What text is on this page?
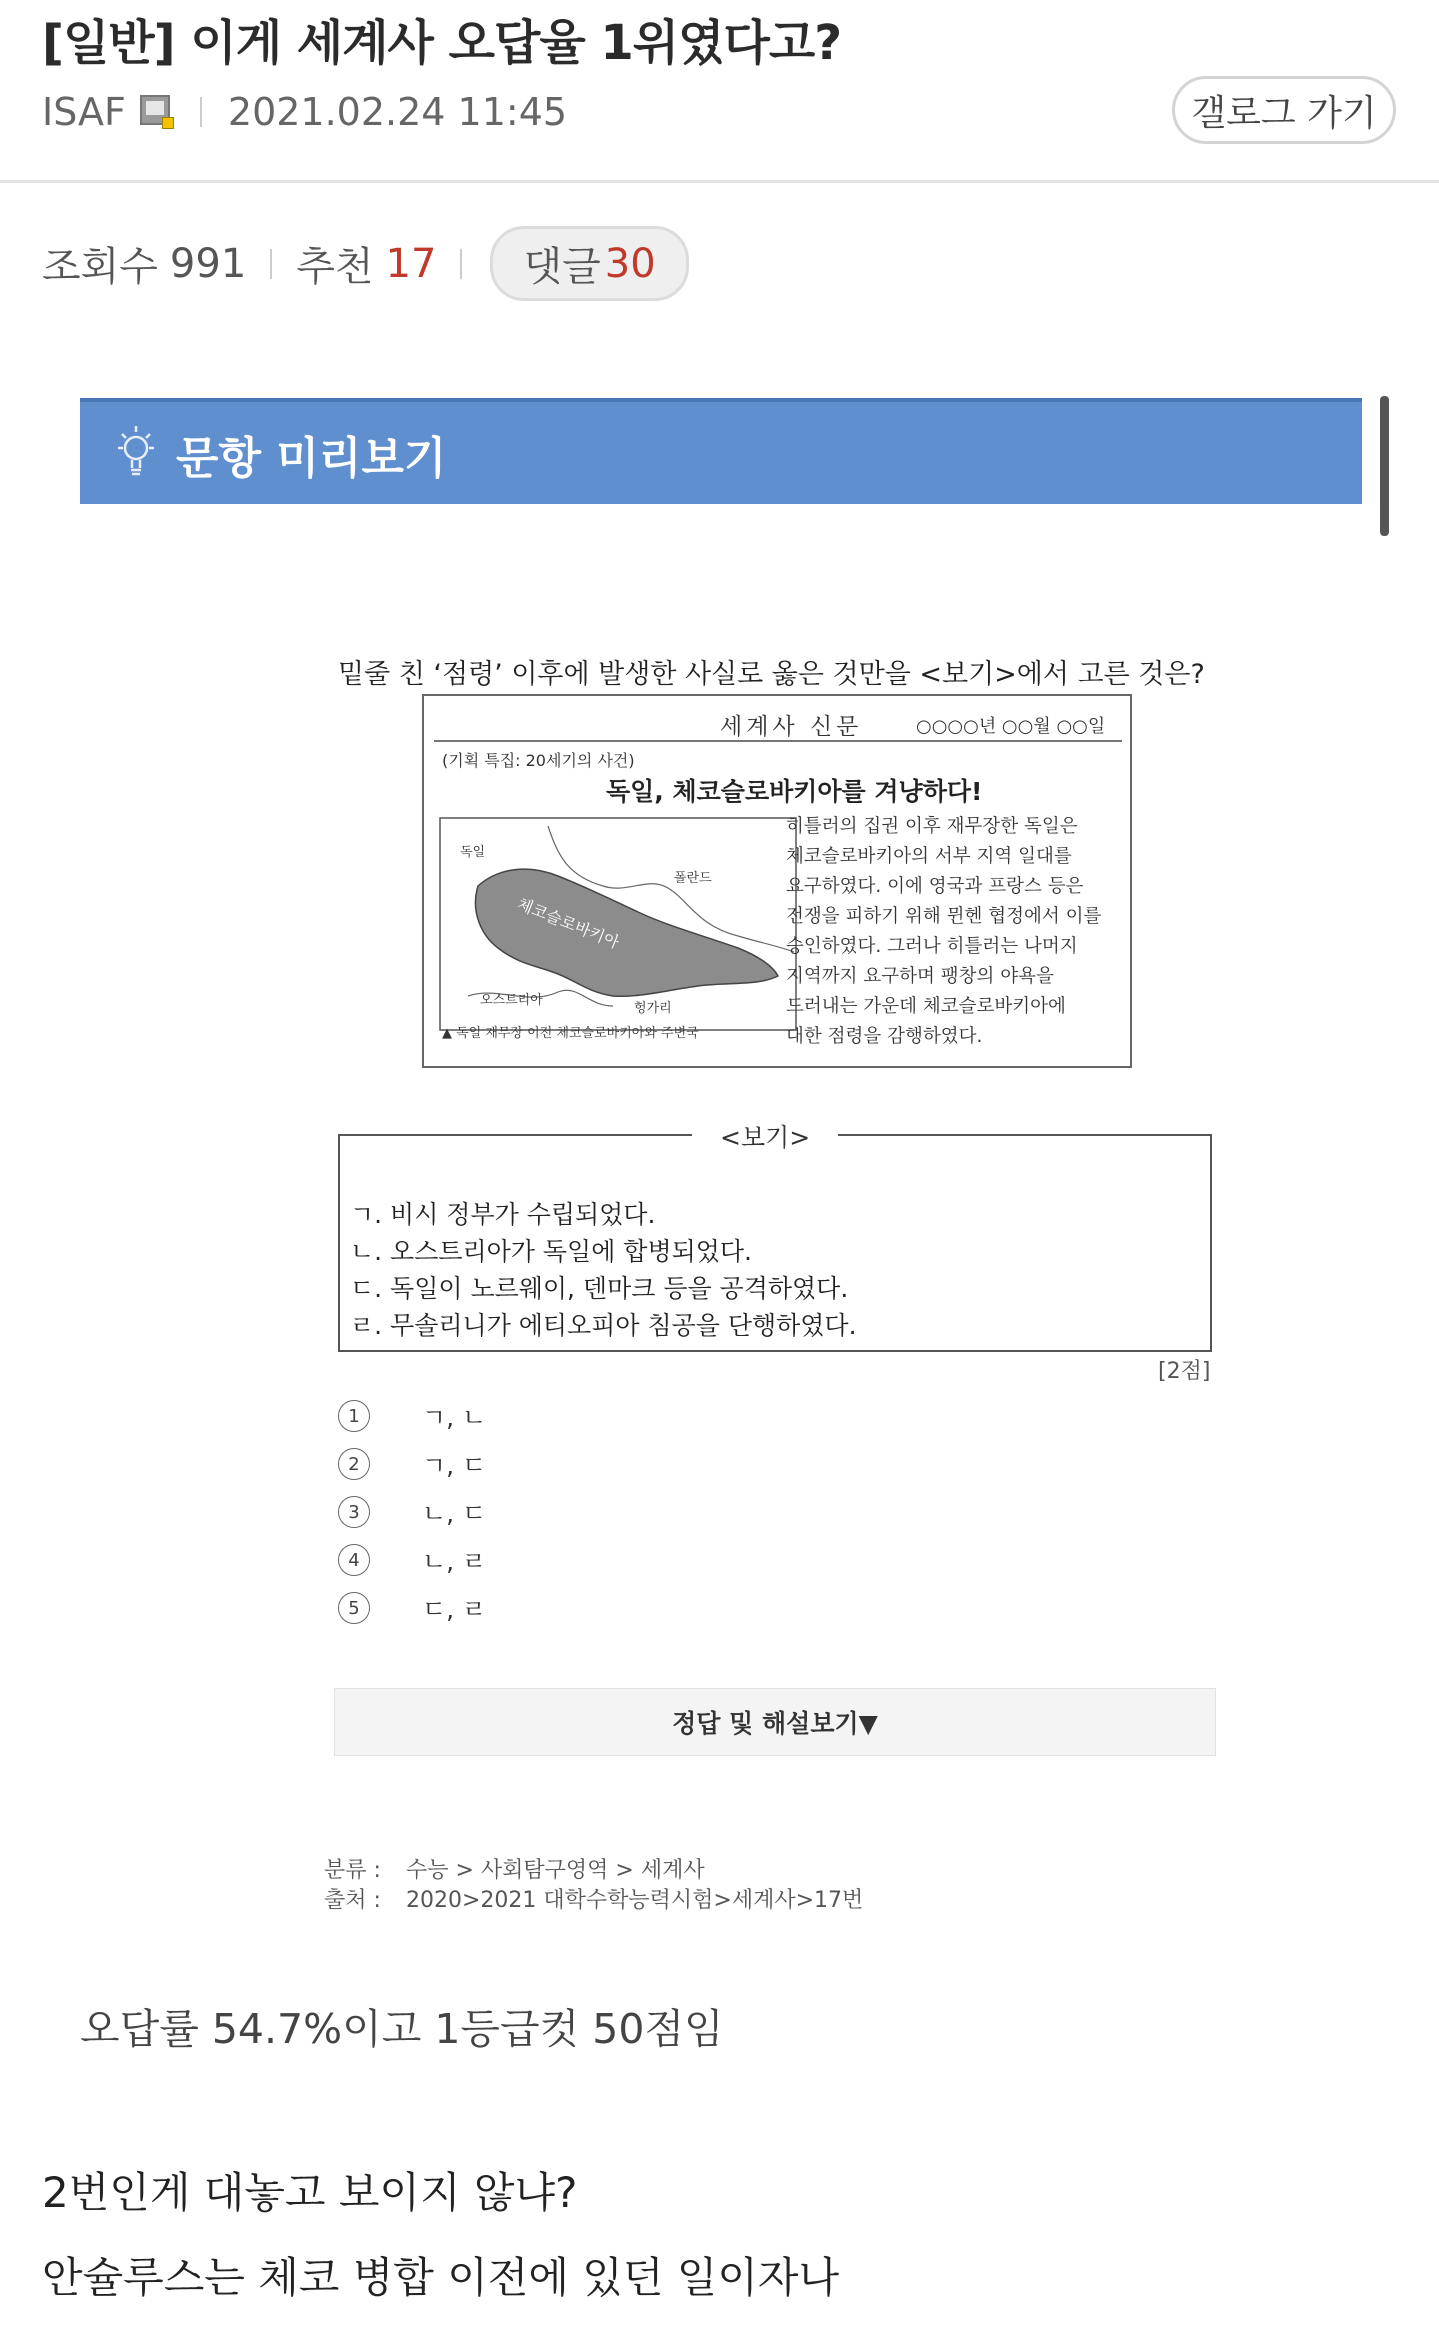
[일반] 이게 세계사 오답율 1위였다고?
ISAF	2021.02.24 11:45	갤로그 가기
조회수 991 추천 17 댓글 30
문항 미리보기
밑줄 친 ‘점령’ 이후에 발생한 사실로 옳은 것만을 <보기>에서 고른 것은?
세계사 신문	○○○○년 ○○월 ○○일
(기획 특집: 20세기의 사건)
독일, 체코슬로바키아를 겨냥하다!
독일
폴란드
체코슬로바키아
오스트리아
헝가리
▲ 독일 재무장 이전 체코슬로바키아와 주변국
히틀러의 집권 이후 재무장한 독일은
체코슬로바키아의 서부 지역 일대를
요구하였다. 이에 영국과 프랑스 등은
전쟁을 피하기 위해 뮌헨 협정에서 이를
승인하였다. 그러나 히틀러는 나머지
지역까지 요구하며 팽창의 야욕을
드러내는 가운데 체코슬로바키아에
대한 점령을 감행하였다.
<보기>
ㄱ. 비시 정부가 수립되었다.
ㄴ. 오스트리아가 독일에 합병되었다.
ㄷ. 독일이 노르웨이, 덴마크 등을 공격하였다.
ㄹ. 무솔리니가 에티오피아 침공을 단행하였다.
[2점]
1	ㄱ, ㄴ
2	ㄱ, ㄷ
3	ㄴ, ㄷ
4	ㄴ, ㄹ
5	ㄷ, ㄹ
정답 및 해설보기▼
분류 : 수능 > 사회탐구영역 > 세계사
출처 : 2020>2021 대학수학능력시험>세계사>17번
오답률 54.7%이고 1등급컷 50점임
2번인게 대놓고 보이지 않냐?
안슐루스는 체코 병합 이전에 있던 일이자나
